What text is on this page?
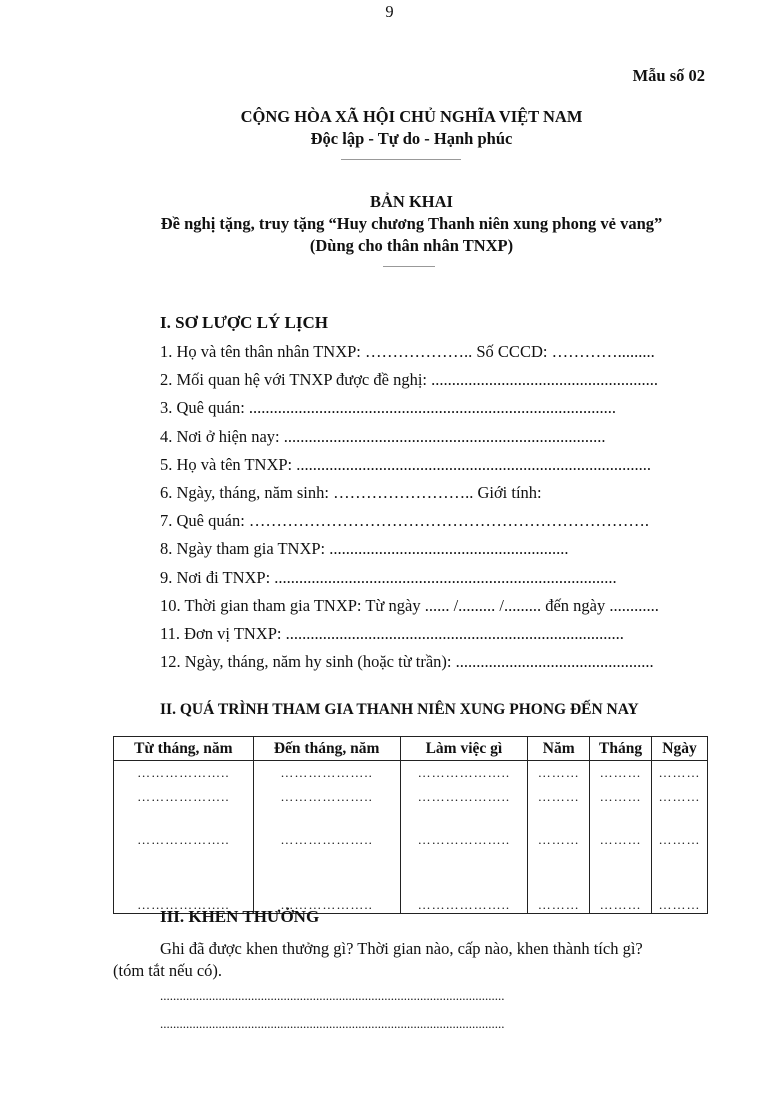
9
Mẫu số 02
CỘNG HÒA XÃ HỘI CHỦ NGHĨA VIỆT NAM
Độc lập - Tự do - Hạnh phúc
BẢN KHAI
Đề nghị tặng, truy tặng “Huy chương Thanh niên xung phong vẻ vang”
(Dùng cho thân nhân TNXP)
I. SƠ LƯỢC LÝ LỊCH
1. Họ và tên thân nhân TNXP: ……………….. Số CCCD: ………….........
2. Mối quan hệ với TNXP được đề nghị: .......................................................
3. Quê quán: .........................................................................................
4. Nơi ở hiện nay: ..............................................................................
5. Họ và tên TNXP: ......................................................................................
6. Ngày, tháng, năm sinh: …………………….. Giới tính:
7. Quê quán: ……………………………………………………………….
8. Ngày tham gia TNXP: ..........................................................
9. Nơi đi TNXP: ...................................................................................
10. Thời gian tham gia TNXP: Từ ngày ...... /......... /......... đến ngày ............
11. Đơn vị TNXP: ..................................................................................
12. Ngày, tháng, năm hy sinh (hoặc từ trần): ................................................
II. QUÁ TRÌNH THAM GIA THANH NIÊN XUNG PHONG ĐẾN NAY
Từ tháng, năm	Đến tháng, năm	Làm việc gì	Năm	Tháng	Ngày
………………..	………………..	………………..	………	………	………
………………..	………………..	………………..	………	………	………
………………..	………………..	………………..	………	………	………
………………..	………………..	………………..	………	………	………
III. KHEN THƯỞNG
Ghi đã được khen thưởng gì? Thời gian nào, cấp nào, khen thành tích gì?
(tóm tắt nếu có).
..........................................................................................................
..........................................................................................................
